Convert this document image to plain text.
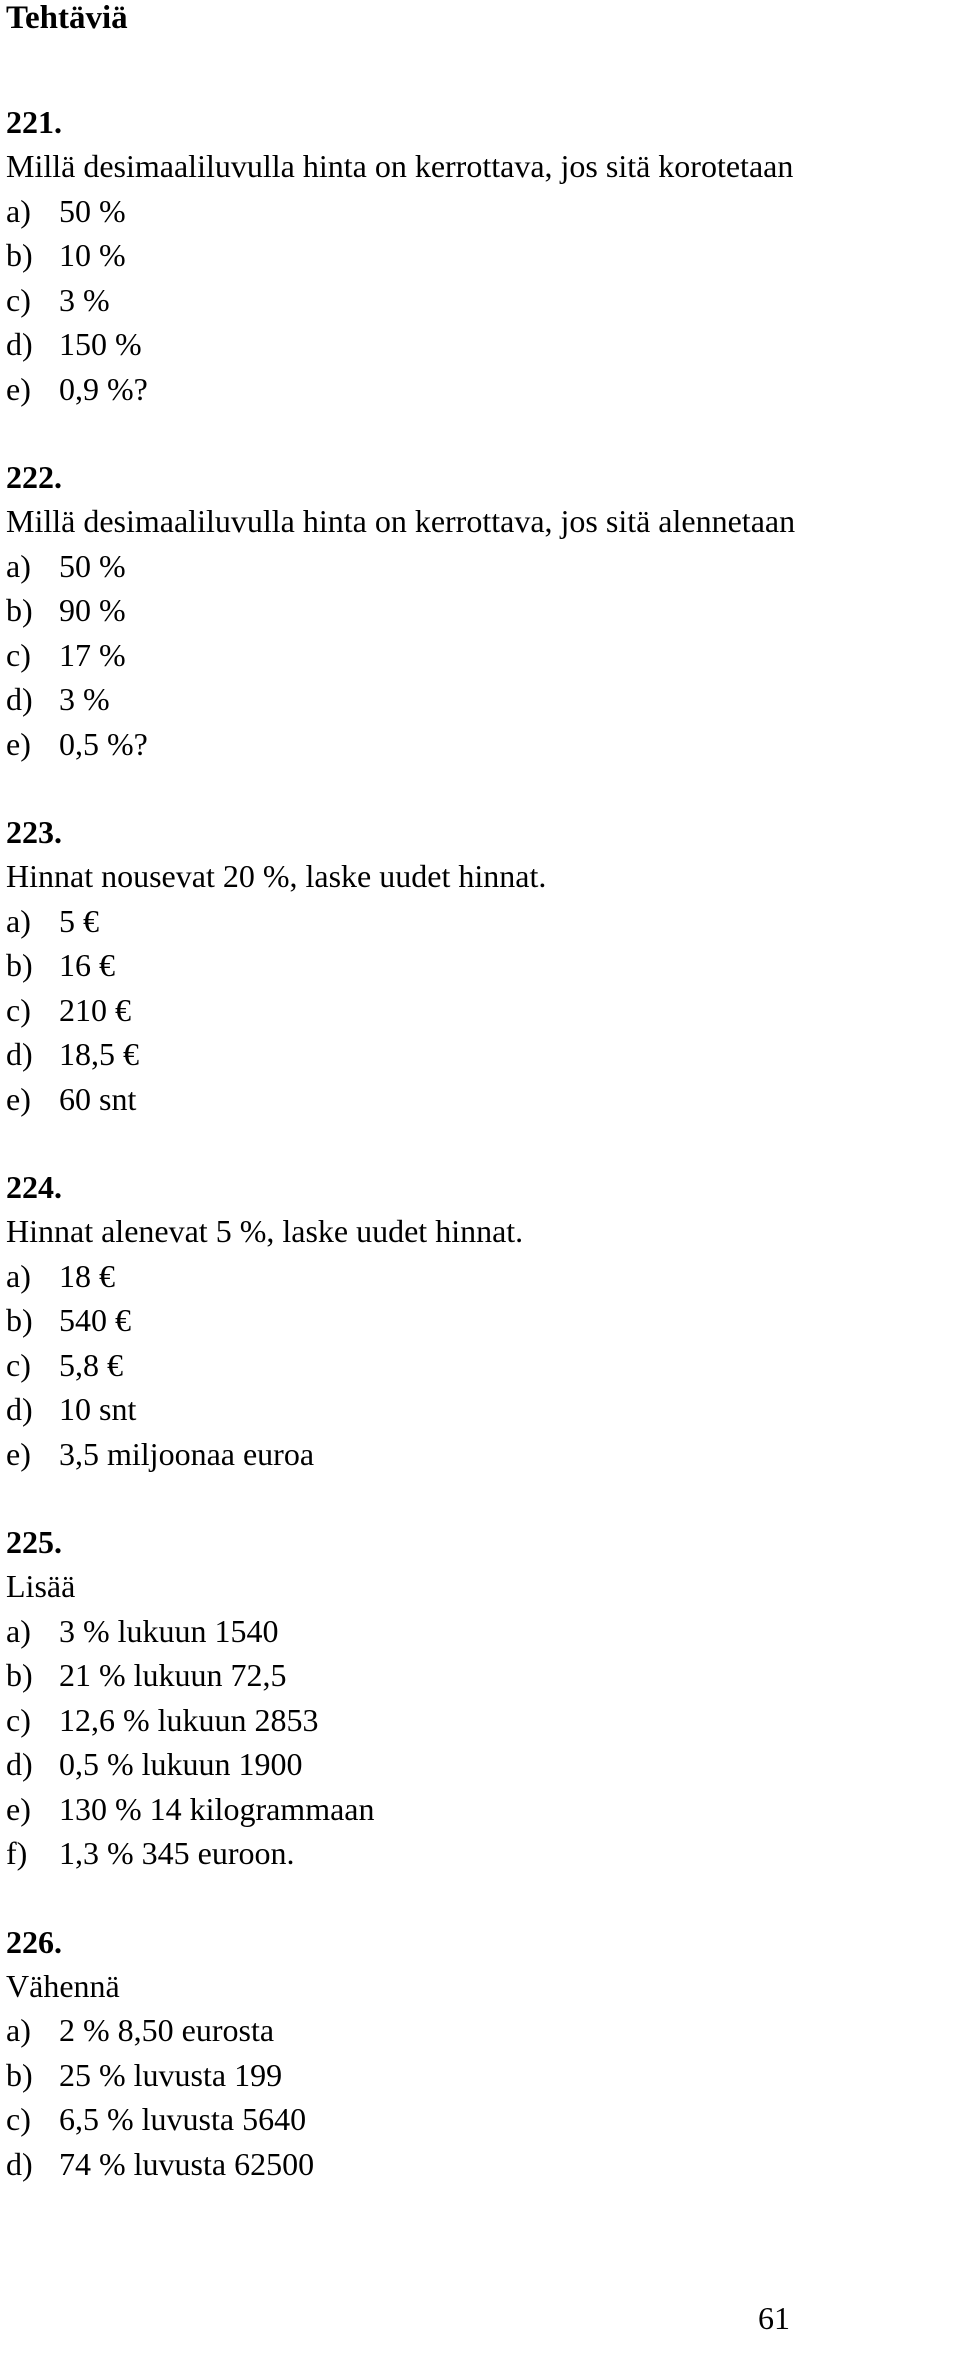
Tehtäviä
221.
Millä desimaaliluvulla hinta on kerrottava, jos sitä korotetaan
a) 50 %
b) 10 %
c) 3 %
d) 150 %
e) 0,9 %?
222.
Millä desimaaliluvulla hinta on kerrottava, jos sitä alennetaan
a) 50 %
b) 90 %
c) 17 %
d) 3 %
e) 0,5 %?
223.
Hinnat nousevat 20 %, laske uudet hinnat.
a) 5 €
b) 16 €
c) 210 €
d) 18,5 €
e) 60 snt
224.
Hinnat alenevat 5 %, laske uudet hinnat.
a) 18 €
b) 540 €
c) 5,8 €
d) 10 snt
e) 3,5 miljoonaa euroa
225.
Lisää
a) 3 % lukuun 1540
b) 21 % lukuun 72,5
c) 12,6 % lukuun 2853
d) 0,5 % lukuun 1900
e) 130 % 14 kilogrammaan
f) 1,3 % 345 euroon.
226.
Vähennä
a) 2 % 8,50 eurosta
b) 25 % luvusta 199
c) 6,5 % luvusta 5640
d) 74 % luvusta 62500
61
